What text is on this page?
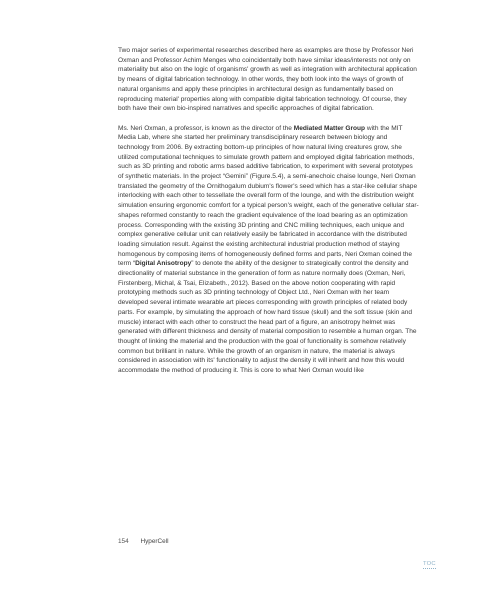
Two major series of experimental researches described here as examples are those by Professor Neri Oxman and Professor Achim Menges who coincidentally both have similar ideas/interests not only on materiality but also on the logic of organisms' growth as well as integration with architectural application by means of digital fabrication technology. In other words, they both look into the ways of growth of natural organisms and apply these principles in architectural design as fundamentally based on reproducing material' properties along with compatible digital fabrication technology. Of course, they both have their own bio-inspired narratives and specific approaches of digital fabrication.

Ms. Neri Oxman, a professor, is known as the director of the Mediated Matter Group with the MIT Media Lab, where she started her preliminary transdisciplinary research between biology and technology from 2006. By extracting bottom-up principles of how natural living creatures grow, she utilized computational techniques to simulate growth pattern and employed digital fabrication methods, such as 3D printing and robotic arms based additive fabrication, to experiment with several prototypes of synthetic materials. In the project “Gemini” (Figure.5.4), a semi-anechoic chaise lounge, Neri Oxman translated the geometry of the Ornithogalum dubium's flower's seed which has a star-like cellular shape interlocking with each other to tessellate the overall form of the lounge, and with the distribution weight simulation ensuring ergonomic comfort for a typical person's weight, each of the generative cellular star-shapes reformed constantly to reach the gradient equivalence of the load bearing as an optimization process. Corresponding with the existing 3D printing and CNC milling techniques, each unique and complex generative cellular unit can relatively easily be fabricated in accordance with the distributed loading simulation result. Against the existing architectural industrial production method of staying homogenous by composing items of homogeneously defined forms and parts, Neri Oxman coined the term “Digital Anisotropy” to denote the ability of the designer to strategically control the density and directionality of material substance in the generation of form as nature normally does (Oxman, Neri, Firstenberg, Michal, & Tsai, Elizabeth., 2012). Based on the above notion cooperating with rapid prototyping methods such as 3D printing technology of Object Ltd., Neri Oxman with her team developed several intimate wearable art pieces corresponding with growth principles of related body parts. For example, by simulating the approach of how hard tissue (skull) and the soft tissue (skin and muscle) interact with each other to construct the head part of a figure, an anisotropy helmet was generated with different thickness and density of material composition to resemble a human organ. The thought of linking the material and the production with the goal of functionality is somehow relatively common but brilliant in nature. While the growth of an organism in nature, the material is always considered in association with its' functionality to adjust the density it will inherit and how this would accommodate the method of producing it. This is core to what Neri Oxman would like

154 HyperCell
TOC
